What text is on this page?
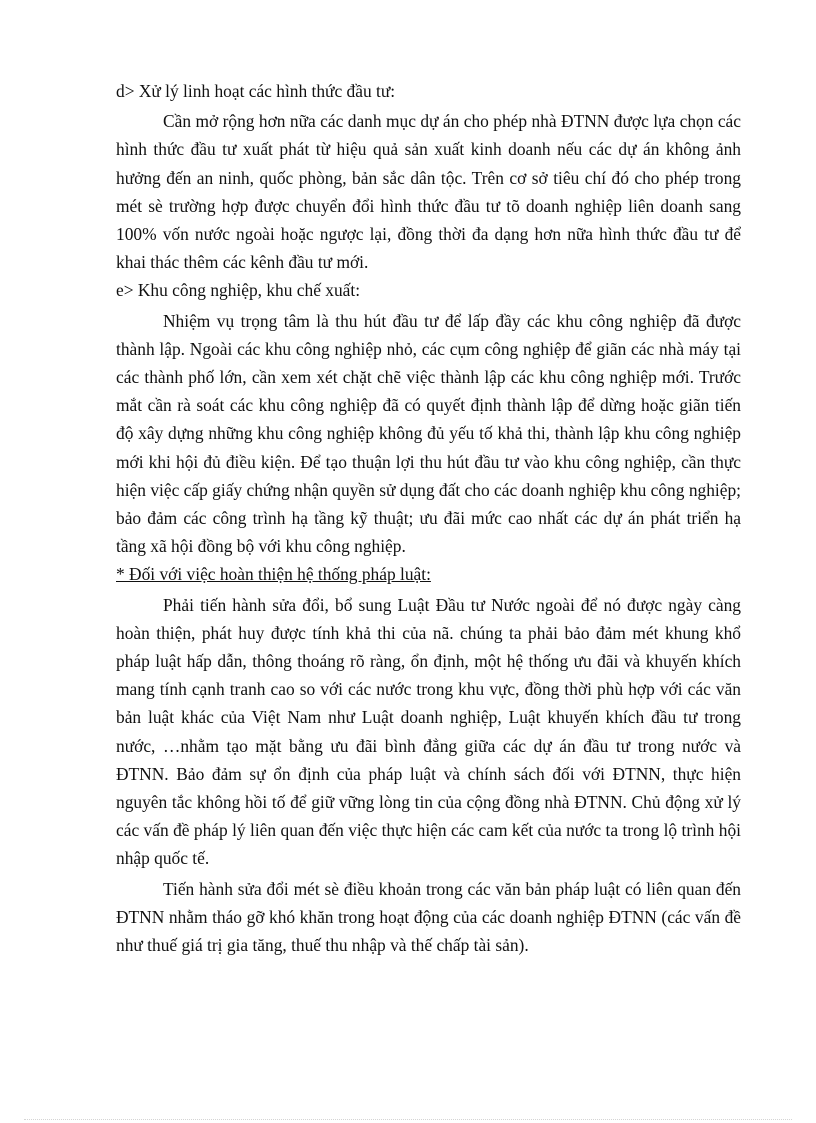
d> Xử lý linh hoạt các hình thức đầu tư:

Cần mở rộng hơn nữa các danh mục dự án cho phép nhà ĐTNN được lựa chọn các hình thức đầu tư xuất phát từ hiệu quả sản xuất kinh doanh nếu các dự án không ảnh hưởng đến an ninh, quốc phòng, bản sắc dân tộc. Trên cơ sở tiêu chí đó cho phép trong mét sè trường hợp được chuyển đổi hình thức đầu tư tõ doanh nghiệp liên doanh sang 100% vốn nước ngoài hoặc ngược lại, đồng thời đa dạng hơn nữa hình thức đầu tư để khai thác thêm các kênh đầu tư mới.

e> Khu công nghiệp, khu chế xuất:

Nhiệm vụ trọng tâm là thu hút đầu tư để lấp đầy các khu công nghiệp đã được thành lập. Ngoài các khu công nghiệp nhỏ, các cụm công nghiệp để giãn các nhà máy tại các thành phố lớn, cần xem xét chặt chẽ việc thành lập các khu công nghiệp mới. Trước mắt cần rà soát các khu công nghiệp đã có quyết định thành lập để dừng hoặc giãn tiến độ xây dựng những khu công nghiệp không đủ yếu tố khả thi, thành lập khu công nghiệp mới khi hội đủ điều kiện. Để tạo thuận lợi thu hút đầu tư vào khu công nghiệp, cần thực hiện việc cấp giấy chứng nhận quyền sử dụng đất cho các doanh nghiệp khu công nghiệp; bảo đảm các công trình hạ tầng kỹ thuật; ưu đãi mức cao nhất các dự án phát triển hạ tầng xã hội đồng bộ với khu công nghiệp.

* Đối với việc hoàn thiện hệ thống pháp luật:

Phải tiến hành sửa đổi, bổ sung Luật Đầu tư Nước ngoài để nó được ngày càng hoàn thiện, phát huy được tính khả thi của nã. chúng ta phải bảo đảm mét khung khổ pháp luật hấp dẫn, thông thoáng rõ ràng, ổn định, một hệ thống ưu đãi và khuyến khích mang tính cạnh tranh cao so với các nước trong khu vực, đồng thời phù hợp với các văn bản luật khác của Việt Nam như Luật doanh nghiệp, Luật khuyến khích đầu tư trong nước, …nhằm tạo mặt bằng ưu đãi bình đẳng giữa các dự án đầu tư trong nước và ĐTNN. Bảo đảm sự ổn định của pháp luật và chính sách đối với ĐTNN, thực hiện nguyên tắc không hồi tố để giữ vững lòng tin của cộng đồng nhà ĐTNN. Chủ động xử lý các vấn đề pháp lý liên quan đến việc thực hiện các cam kết của nước ta trong lộ trình hội nhập quốc tế.

Tiến hành sửa đổi mét sè điều khoản trong các văn bản pháp luật có liên quan đến ĐTNN nhằm tháo gỡ khó khăn trong hoạt động của các doanh nghiệp ĐTNN (các vấn đề như thuế giá trị gia tăng, thuế thu nhập và thế chấp tài sản).
